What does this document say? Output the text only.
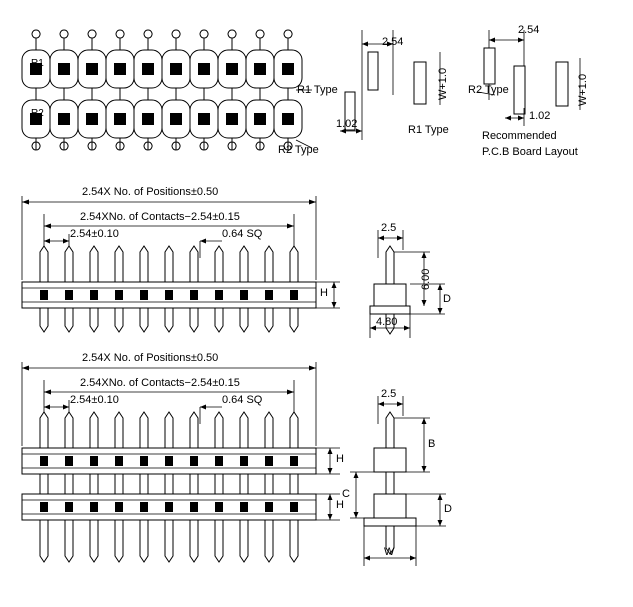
R1
2
R2
2
R1 Type
R2 Type
2.54
W+1.0
1.02	R1 Type
2.54
W+1.0
R2 Type
1.02
Recommended
P.C.B Board Layout
2.54X No. of Positions±0.50
2.54XNo. of Contacts−2.54±0.15
2.54±0.10	0.64 SQ
H
2.5
6.00
D
4.80
2.54X No. of Positions±0.50
2.54XNo. of Contacts−2.54±0.15
2.54±0.10	0.64 SQ
H
H
2.5
B
C
D
W
